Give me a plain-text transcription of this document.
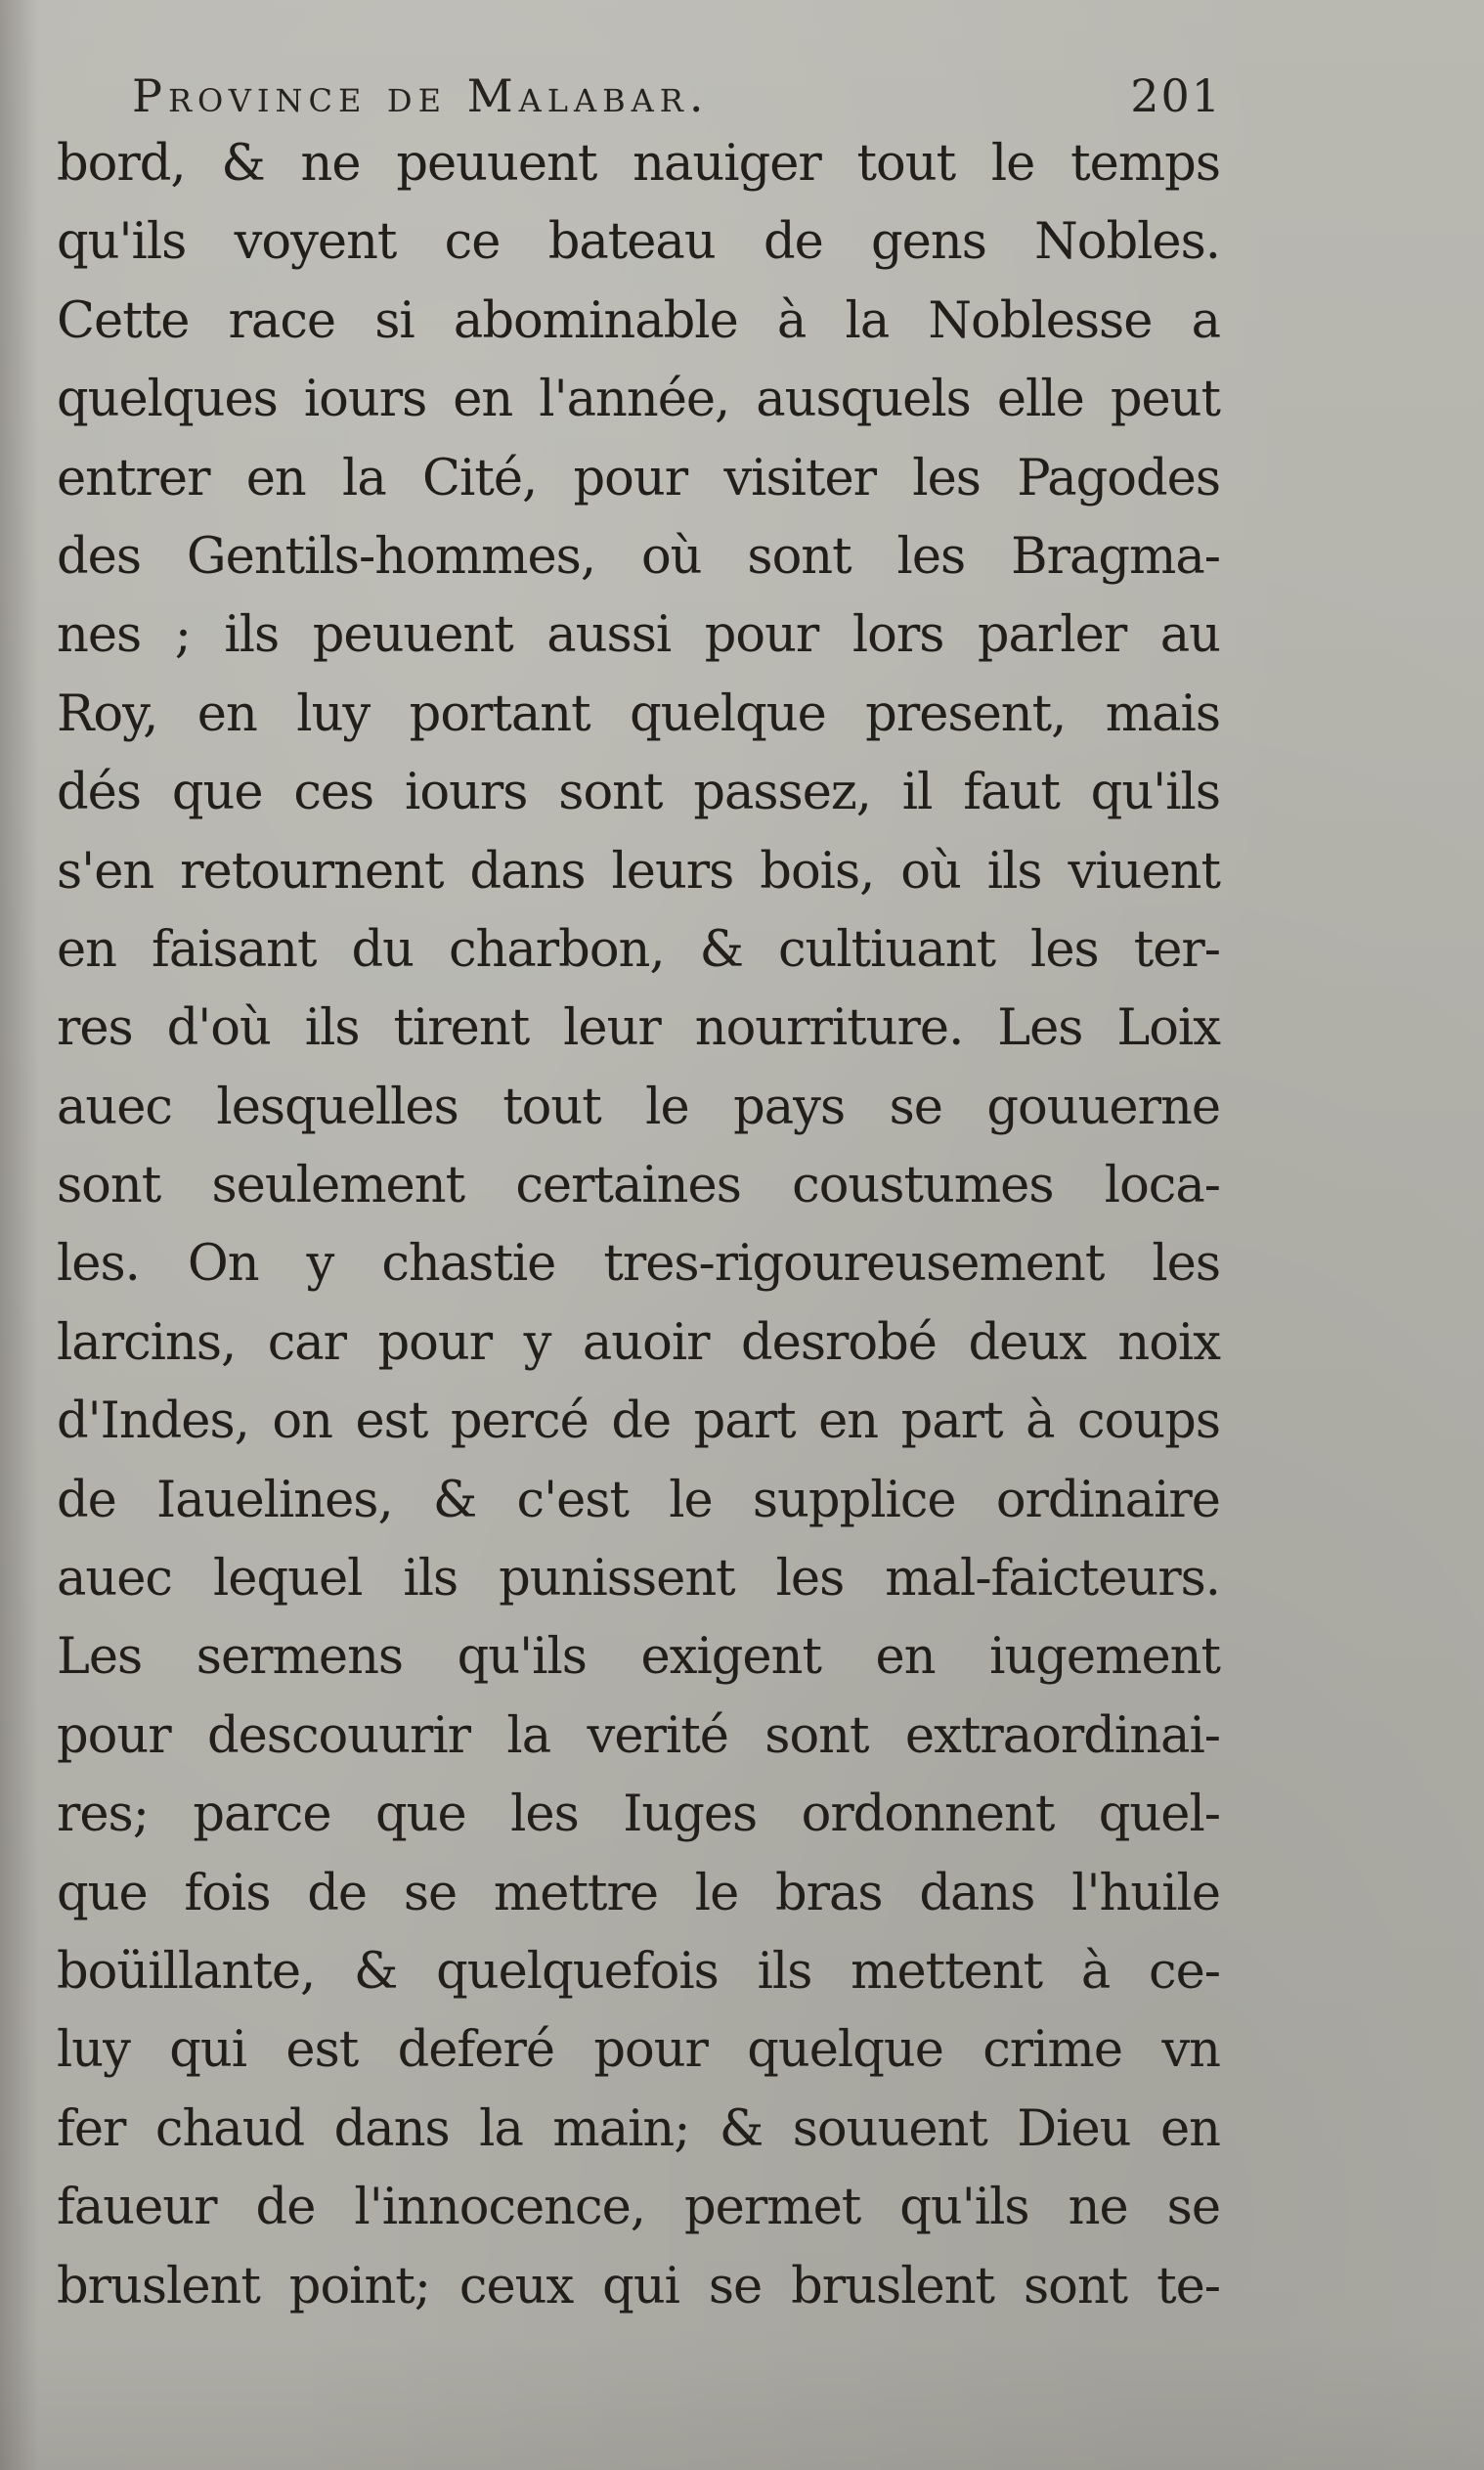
Province de Malabar.	201
bord, & ne peuuent nauiger tout le temps
qu'ils voyent ce bateau de gens Nobles.
Cette race si abominable à la Noblesse a
quelques iours en l'année, ausquels elle peut
entrer en la Cité, pour visiter les Pagodes
des Gentils-hommes, où sont les Bragma-
nes ; ils peuuent aussi pour lors parler au
Roy, en luy portant quelque present, mais
dés que ces iours sont passez, il faut qu'ils
s'en retournent dans leurs bois, où ils viuent
en faisant du charbon, & cultiuant les ter-
res d'où ils tirent leur nourriture. Les Loix
auec lesquelles tout le pays se gouuerne
sont seulement certaines coustumes loca-
les. On y chastie tres-rigoureusement les
larcins, car pour y auoir desrobé deux noix
d'Indes, on est percé de part en part à coups
de Iauelines, & c'est le supplice ordinaire
auec lequel ils punissent les mal-faicteurs.
Les sermens qu'ils exigent en iugement
pour descouurir la verité sont extraordinai-
res; parce que les Iuges ordonnent quel-
que fois de se mettre le bras dans l'huile
boüillante, & quelquefois ils mettent à ce-
luy qui est deferé pour quelque crime vn
fer chaud dans la main; & souuent Dieu en
faueur de l'innocence, permet qu'ils ne se
bruslent point; ceux qui se bruslent sont te-
